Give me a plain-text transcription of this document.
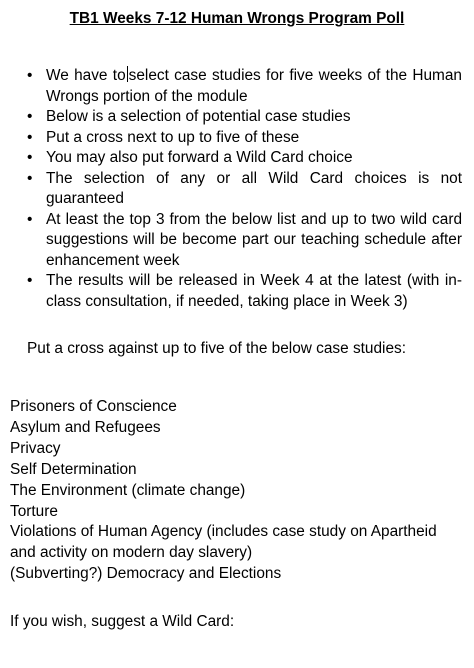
TB1 Weeks 7-12 Human Wrongs Program Poll
• We have to select case studies for five weeks of the Human Wrongs portion of the module
• Below is a selection of potential case studies
• Put a cross next to up to five of these
• You may also put forward a Wild Card choice
• The selection of any or all Wild Card choices is not guaranteed
• At least the top 3 from the below list and up to two wild card suggestions will be become part our teaching schedule after enhancement week
• The results will be released in Week 4 at the latest (with in-class consultation, if needed, taking place in Week 3)

Put a cross against up to five of the below case studies:

Prisoners of Conscience
Asylum and Refugees
Privacy
Self Determination
The Environment (climate change)
Torture
Violations of Human Agency (includes case study on Apartheid and activity on modern day slavery)
(Subverting?) Democracy and Elections

If you wish, suggest a Wild Card:
